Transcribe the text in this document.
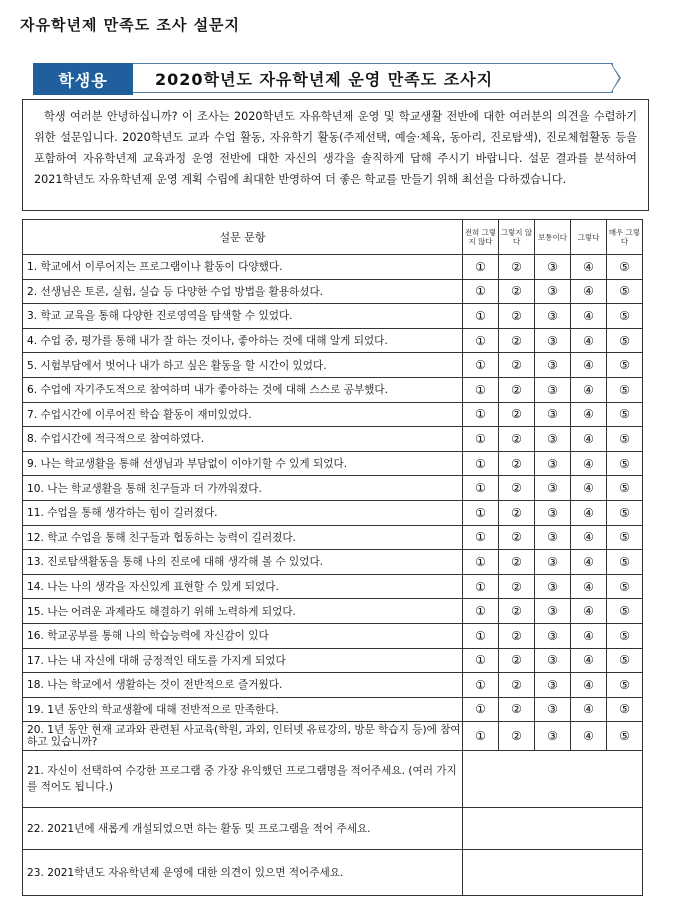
자유학년제 만족도 조사 설문지
학생용	2020학년도 자유학년제 운영 만족도 조사지
학생 여러분 안녕하십니까? 이 조사는 2020학년도 자유학년제 운영 및 학교생활 전반에 대한 여러분의 의견을 수렴하기 위한 설문입니다. 2020학년도 교과 수업 활동, 자유학기 활동(주제선택, 예술·체육, 동아리, 진로탐색), 진로체험활동 등을 포함하여 자유학년제 교육과정 운영 전반에 대한 자신의 생각을 솔직하게 답해 주시기 바랍니다. 설문 결과를 분석하여 2021학년도 자유학년제 운영 계획 수립에 최대한 반영하여 더 좋은 학교를 만들기 위해 최선을 다하겠습니다.
설문 문항	전혀 그렇지 않다	그렇지 않다	보통이다	그렇다	매우 그렇다
1. 학교에서 이루어지는 프로그램이나 활동이 다양했다.	①	②	③	④	⑤
2. 선생님은 토론, 실험, 실습 등 다양한 수업 방법을 활용하셨다.	①	②	③	④	⑤
3. 학교 교육을 통해 다양한 진로영역을 탐색할 수 있었다.	①	②	③	④	⑤
4. 수업 중, 평가를 통해 내가 잘 하는 것이나, 좋아하는 것에 대해 알게 되었다.	①	②	③	④	⑤
5. 시험부담에서 벗어나 내가 하고 싶은 활동을 할 시간이 있었다.	①	②	③	④	⑤
6. 수업에 자기주도적으로 참여하며 내가 좋아하는 것에 대해 스스로 공부했다.	①	②	③	④	⑤
7. 수업시간에 이루어진 학습 활동이 재미있었다.	①	②	③	④	⑤
8. 수업시간에 적극적으로 참여하였다.	①	②	③	④	⑤
9. 나는 학교생활을 통해 선생님과 부담없이 이야기할 수 있게 되었다.	①	②	③	④	⑤
10. 나는 학교생활을 통해 친구들과 더 가까워졌다.	①	②	③	④	⑤
11. 수업을 통해 생각하는 힘이 길러졌다.	①	②	③	④	⑤
12. 학교 수업을 통해 친구들과 협동하는 능력이 길러졌다.	①	②	③	④	⑤
13. 진로탐색활동을 통해 나의 진로에 대해 생각해 볼 수 있었다.	①	②	③	④	⑤
14. 나는 나의 생각을 자신있게 표현할 수 있게 되었다.	①	②	③	④	⑤
15. 나는 어려운 과제라도 해결하기 위해 노력하게 되었다.	①	②	③	④	⑤
16. 학교공부를 통해 나의 학습능력에 자신감이 있다	①	②	③	④	⑤
17. 나는 내 자신에 대해 긍정적인 태도를 가지게 되었다	①	②	③	④	⑤
18. 나는 학교에서 생활하는 것이 전반적으로 즐거웠다.	①	②	③	④	⑤
19. 1년 동안의 학교생활에 대해 전반적으로 만족한다.	①	②	③	④	⑤
20. 1년 동안 현재 교과와 관련된 사교육(학원, 과외, 인터넷 유료강의, 방문 학습지 등)에 참여하고 있습니까?	①	②	③	④	⑤
21. 자신이 선택하여 수강한 프로그램 중 가장 유익했던 프로그램명을 적어주세요. (여러 가지를 적어도 됩니다.)					
22. 2021년에 새롭게 개설되었으면 하는 활동 및 프로그램을 적어 주세요.					
23. 2021학년도 자유학년제 운영에 대한 의견이 있으면 적어주세요.					
